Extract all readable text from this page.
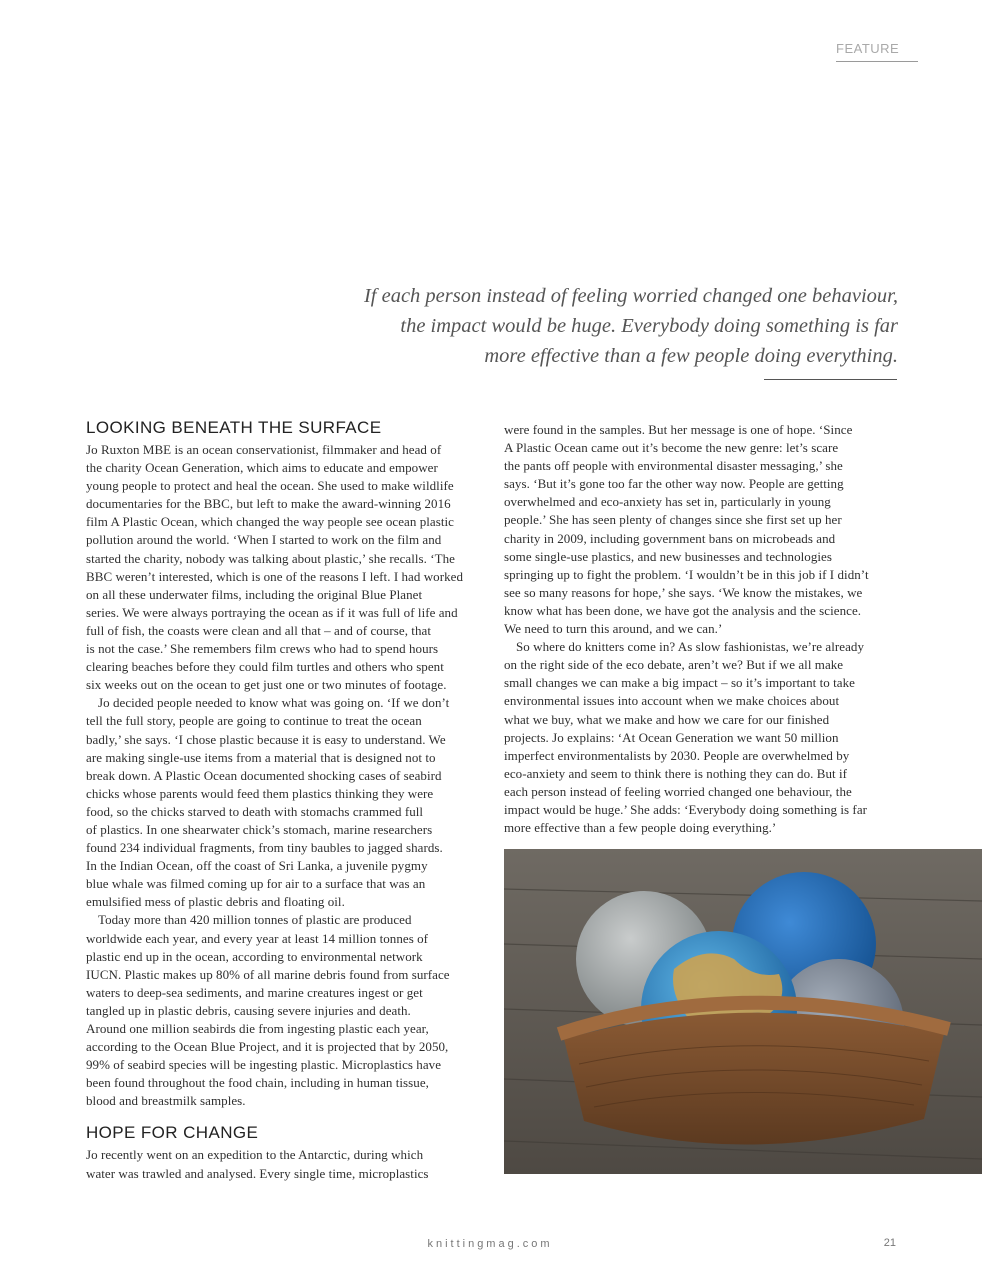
FEATURE

If each person instead of feeling worried changed one behaviour,

the impact would be huge. Everybody doing something is far

more effective than a few people doing everything.

LOOKING BENEATH THE SURFACE
Jo Ruxton MBE is an ocean conservationist, filmmaker and head of
the charity Ocean Generation, which aims to educate and empower
young people to protect and heal the ocean. She used to make wildlife
documentaries for the BBC, but left to make the award-winning 2016
film A Plastic Ocean, which changed the way people see ocean plastic
pollution around the world. ‘When I started to work on the film and
started the charity, nobody was talking about plastic,’ she recalls. ‘The
BBC weren’t interested, which is one of the reasons I left. I had worked
on all these underwater films, including the original Blue Planet
series. We were always portraying the ocean as if it was full of life and
full of fish, the coasts were clean and all that – and of course, that
is not the case.’ She remembers film crews who had to spend hours
clearing beaches before they could film turtles and others who spent
six weeks out on the ocean to get just one or two minutes of footage.
Jo decided people needed to know what was going on. ‘If we don’t
tell the full story, people are going to continue to treat the ocean
badly,’ she says. ‘I chose plastic because it is easy to understand. We
are making single-use items from a material that is designed not to
break down. A Plastic Ocean documented shocking cases of seabird
chicks whose parents would feed them plastics thinking they were
food, so the chicks starved to death with stomachs crammed full
of plastics. In one shearwater chick’s stomach, marine researchers
found 234 individual fragments, from tiny baubles to jagged shards.
In the Indian Ocean, off the coast of Sri Lanka, a juvenile pygmy
blue whale was filmed coming up for air to a surface that was an
emulsified mess of plastic debris and floating oil.
Today more than 420 million tonnes of plastic are produced
worldwide each year, and every year at least 14 million tonnes of
plastic end up in the ocean, according to environmental network
IUCN. Plastic makes up 80% of all marine debris found from surface
waters to deep-sea sediments, and marine creatures ingest or get
tangled up in plastic debris, causing severe injuries and death.
Around one million seabirds die from ingesting plastic each year,
according to the Ocean Blue Project, and it is projected that by 2050,
99% of seabird species will be ingesting plastic. Microplastics have
been found throughout the food chain, including in human tissue,
blood and breastmilk samples.
HOPE FOR CHANGE
Jo recently went on an expedition to the Antarctic, during which
water was trawled and analysed. Every single time, microplastics
were found in the samples. But her message is one of hope. ‘Since
A Plastic Ocean came out it’s become the new genre: let’s scare
the pants off people with environmental disaster messaging,’ she
says. ‘But it’s gone too far the other way now. People are getting
overwhelmed and eco-anxiety has set in, particularly in young
people.’ She has seen plenty of changes since she first set up her
charity in 2009, including government bans on microbeads and
some single-use plastics, and new businesses and technologies
springing up to fight the problem. ‘I wouldn’t be in this job if I didn’t
see so many reasons for hope,’ she says. ‘We know the mistakes, we
know what has been done, we have got the analysis and the science.
We need to turn this around, and we can.’
So where do knitters come in? As slow fashionistas, we’re already
on the right side of the eco debate, aren’t we? But if we all make
small changes we can make a big impact – so it’s important to take
environmental issues into account when we make choices about
what we buy, what we make and how we care for our finished
projects. Jo explains: ‘At Ocean Generation we want 50 million
imperfect environmentalists by 2030. People are overwhelmed by
eco-anxiety and seem to think there is nothing they can do. But if
each person instead of feeling worried changed one behaviour, the
impact would be huge.’ She adds: ‘Everybody doing something is far
more effective than a few people doing everything.’
knittingmag.com	21
